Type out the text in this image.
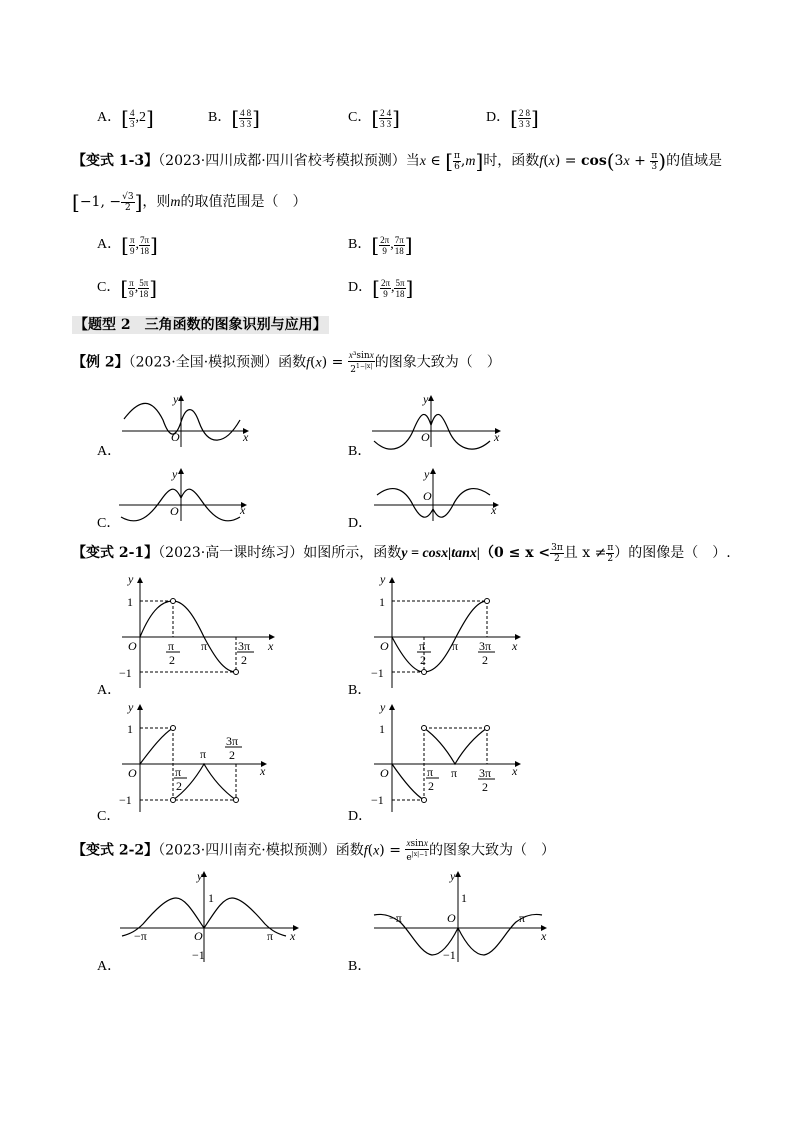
A．[ $\frac{4}{3} ,2$]	B．[ $\frac{4}{3} \frac{8}{3}$ ]	C．[ $\frac{2}{3} \frac{4}{3}$ ]	D．[ $\frac{2}{3} \frac{8}{3}$ ]
【变式 1-3】（2023·四川成都·四川省校考模拟预测）当x ∈ [ $\frac{\pi}{6} ,m$]时，函数$f(x) = \cos(3x + \frac{\pi}{3}$ )的值域是
[−1, − $\frac{√3}{2}$ ]，则m的取值范围是（　）
A．[ $\frac{\pi}{9}$ , $\frac{7\pi}{18}$ ]	B．[ $\frac{2\pi}{9}$ , $\frac{7\pi}{18}$ ]
C．[ $\frac{\pi}{9}$ , $\frac{5\pi}{18}$ ]	D．[ $\frac{2\pi}{9}$ , $\frac{5\pi}{18}$ ]
【题型 2　三角函数的图象识别与应用】
【例 2】（2023·全国·模拟预测）函数$f(x) = \frac{\text{x³sinx}}{2^{1-|x|}}$ 的图象大致为（　）
O	x
y
O	x
y
O	x
y
O
x
y
y
1
O
−1
x
π
π
2
3π
2
y
1
O
−1
x
π
π
2
3π
2
y
1
O
−1
x
π
π
2
3π
2
y
1
O
−1
x
π
π
2
3π
2
y
1
O
−1
x
−π	π
y
1
O
−1
x
−π	π
A．	B．
C．	D．
【变式 2-1】（2023·高一课时练习）如图所示，函数$y = \cos x|\tan x|(0 \le x < \frac{3\pi}{2}$ 且 $x \ne \frac{\pi}{2}$ ）的图像是（　）.
A．	B．
C．	D．
【变式 2-2】（2023·四川南充·模拟预测）函数$f(x) = \frac{xsinx}{e^{|x|-1}}$ 的图象大致为（　）
A．	B．
